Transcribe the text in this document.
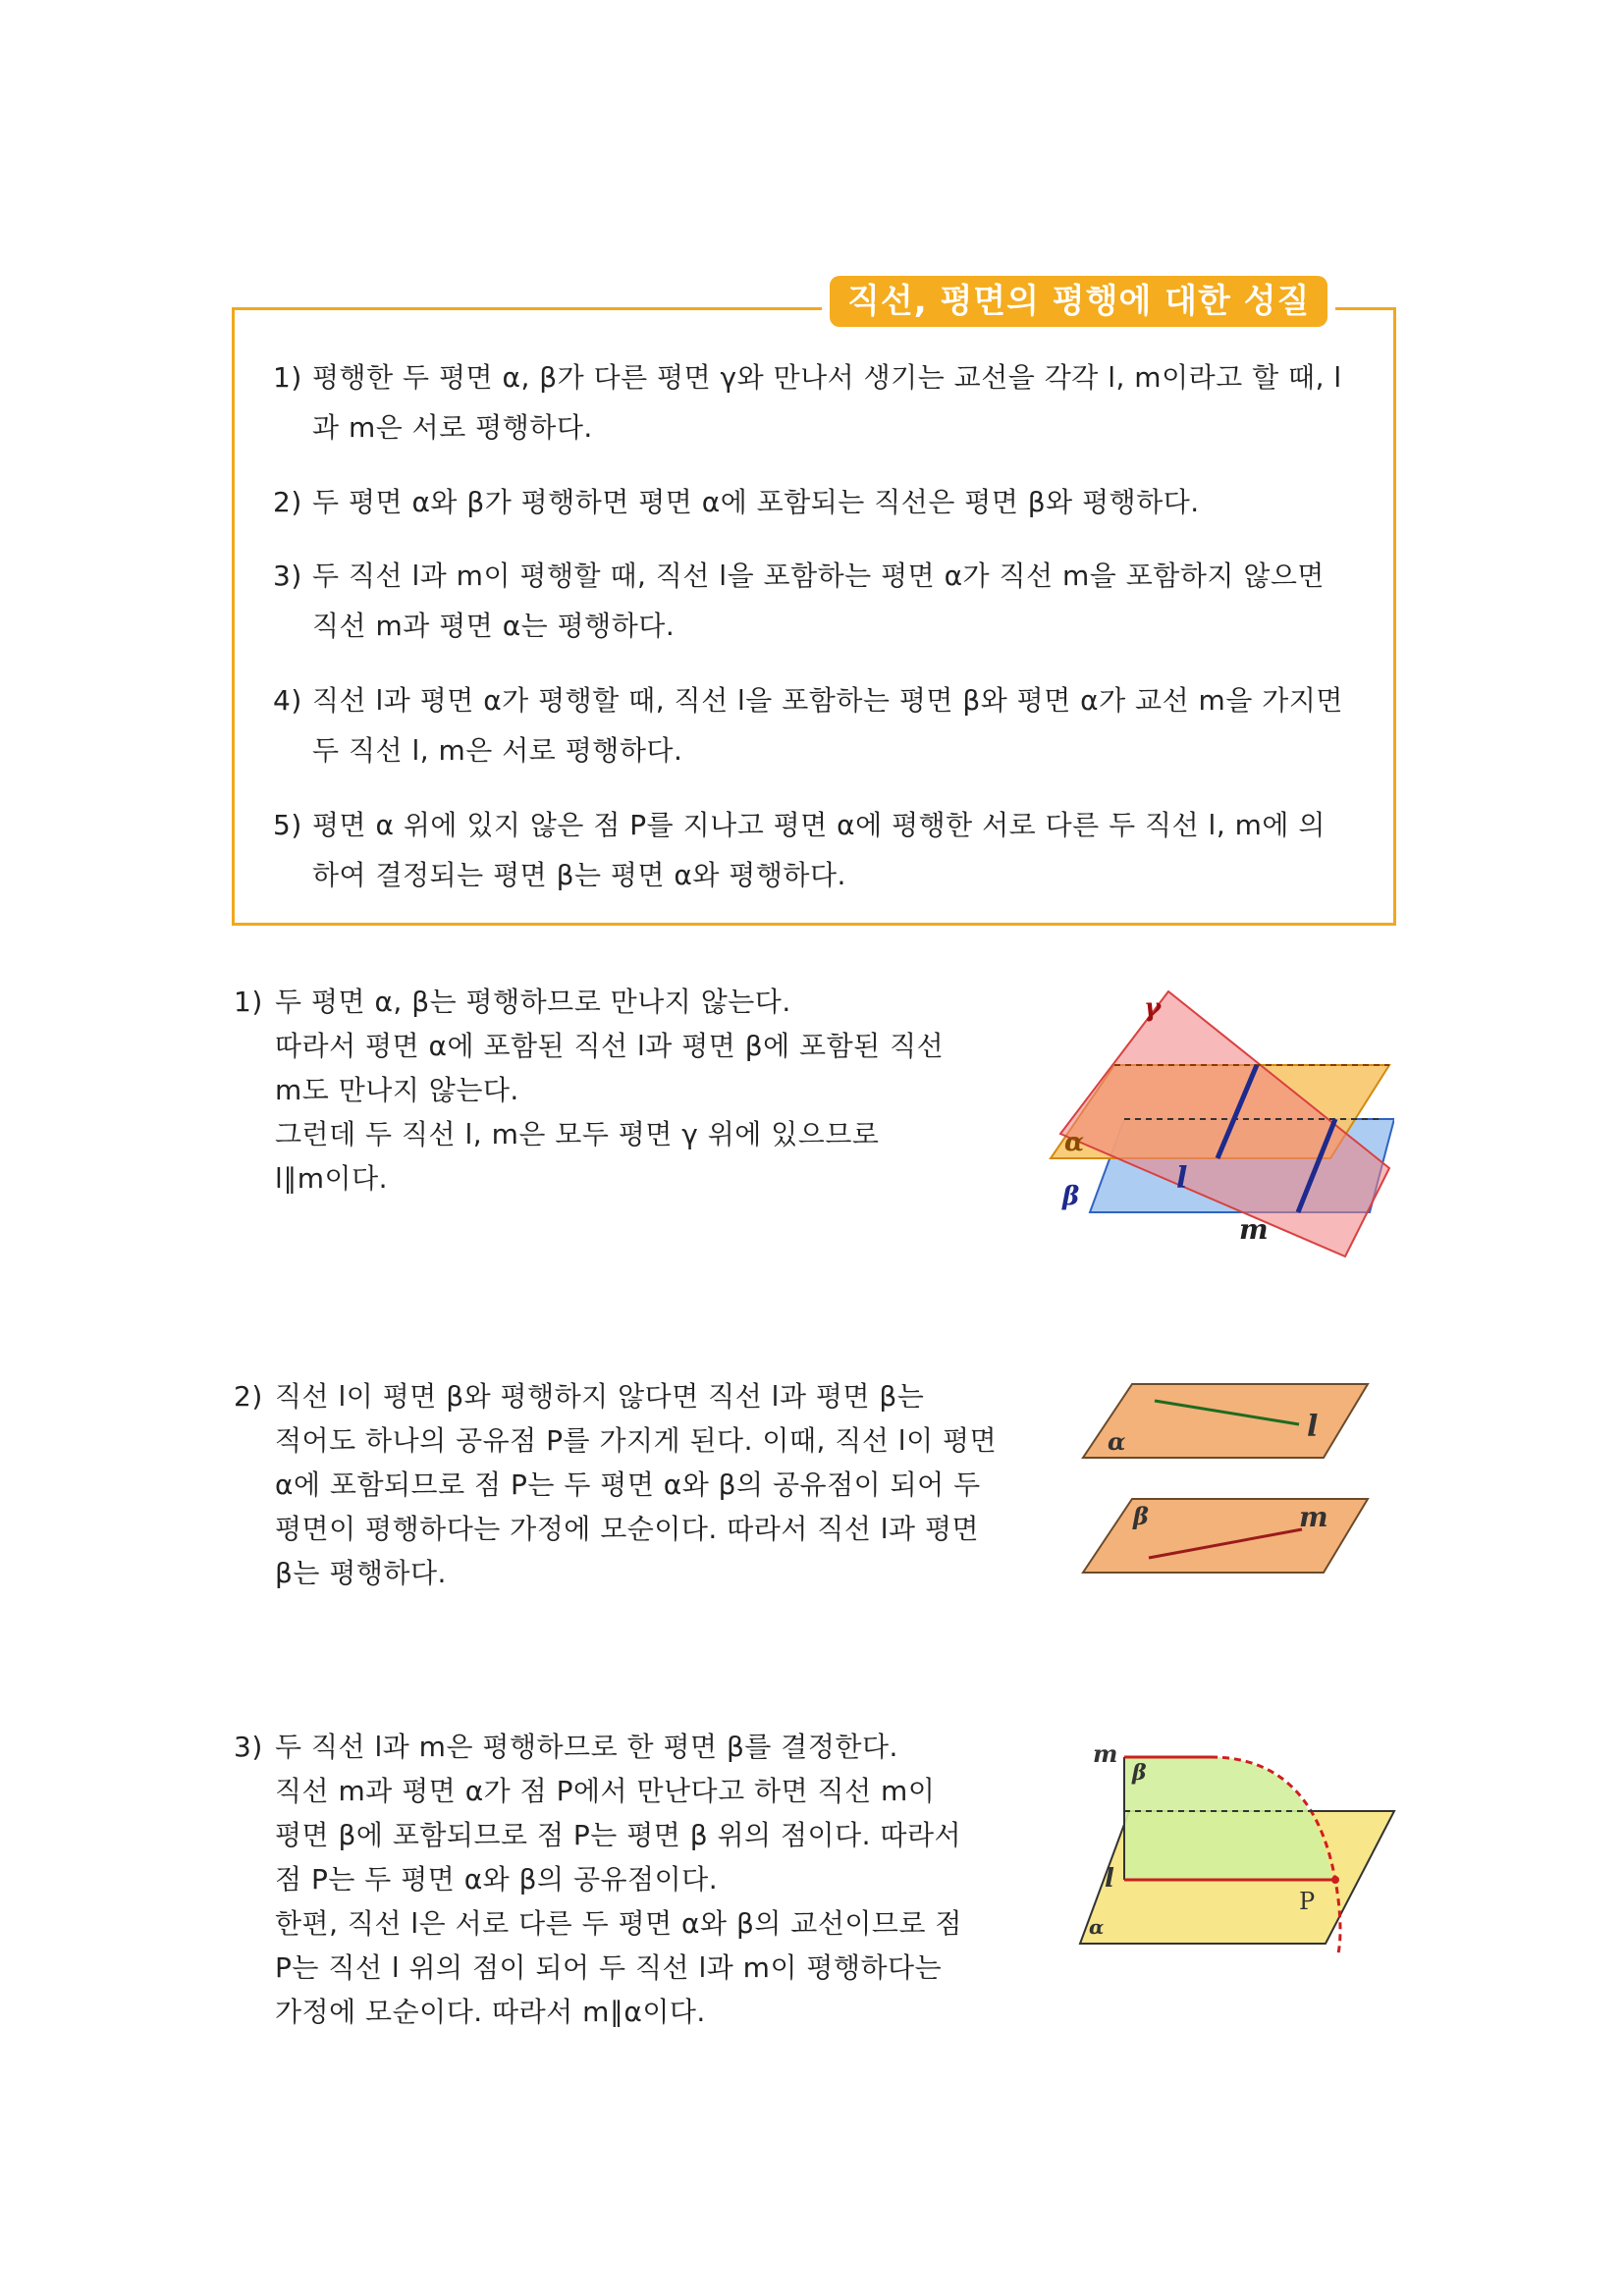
직선, 평면의 평행에 대한 성질
1) 평행한 두 평면 α, β가 다른 평면 γ와 만나서 생기는 교선을 각각 l, m이라고 할 때, l과 m은 서로 평행하다.
2) 두 평면 α와 β가 평행하면 평면 α에 포함되는 직선은 평면 β와 평행하다.
3) 두 직선 l과 m이 평행할 때, 직선 l을 포함하는 평면 α가 직선 m을 포함하지 않으면 직선 m과 평면 α는 평행하다.
4) 직선 l과 평면 α가 평행할 때, 직선 l을 포함하는 평면 β와 평면 α가 교선 m을 가지면 두 직선 l, m은 서로 평행하다.
5) 평면 α 위에 있지 않은 점 P를 지나고 평면 α에 평행한 서로 다른 두 직선 l, m에 의하여 결정되는 평면 β는 평면 α와 평행하다.
1) 두 평면 α, β는 평행하므로 만나지 않는다.
따라서 평면 α에 포함된 직선 l과 평면 β에 포함된 직선
m도 만나지 않는다.
그런데 두 직선 l, m은 모두 평면 γ 위에 있으므로
l∥m이다.
γ
α
β
l
m
2) 직선 l이 평면 β와 평행하지 않다면 직선 l과 평면 β는
적어도 하나의 공유점 P를 가지게 된다. 이때, 직선 l이 평면
α에 포함되므로 점 P는 두 평면 α와 β의 공유점이 되어 두
평면이 평행하다는 가정에 모순이다. 따라서 직선 l과 평면
β는 평행하다.
α	l
β	m
3) 두 직선 l과 m은 평행하므로 한 평면 β를 결정한다.
직선 m과 평면 α가 점 P에서 만난다고 하면 직선 m이
평면 β에 포함되므로 점 P는 평면 β 위의 점이다. 따라서
점 P는 두 평면 α와 β의 공유점이다.
한편, 직선 l은 서로 다른 두 평면 α와 β의 교선이므로 점
P는 직선 l 위의 점이 되어 두 직선 l과 m이 평행하다는
가정에 모순이다. 따라서 m∥α이다.
m
β
l
α
P
